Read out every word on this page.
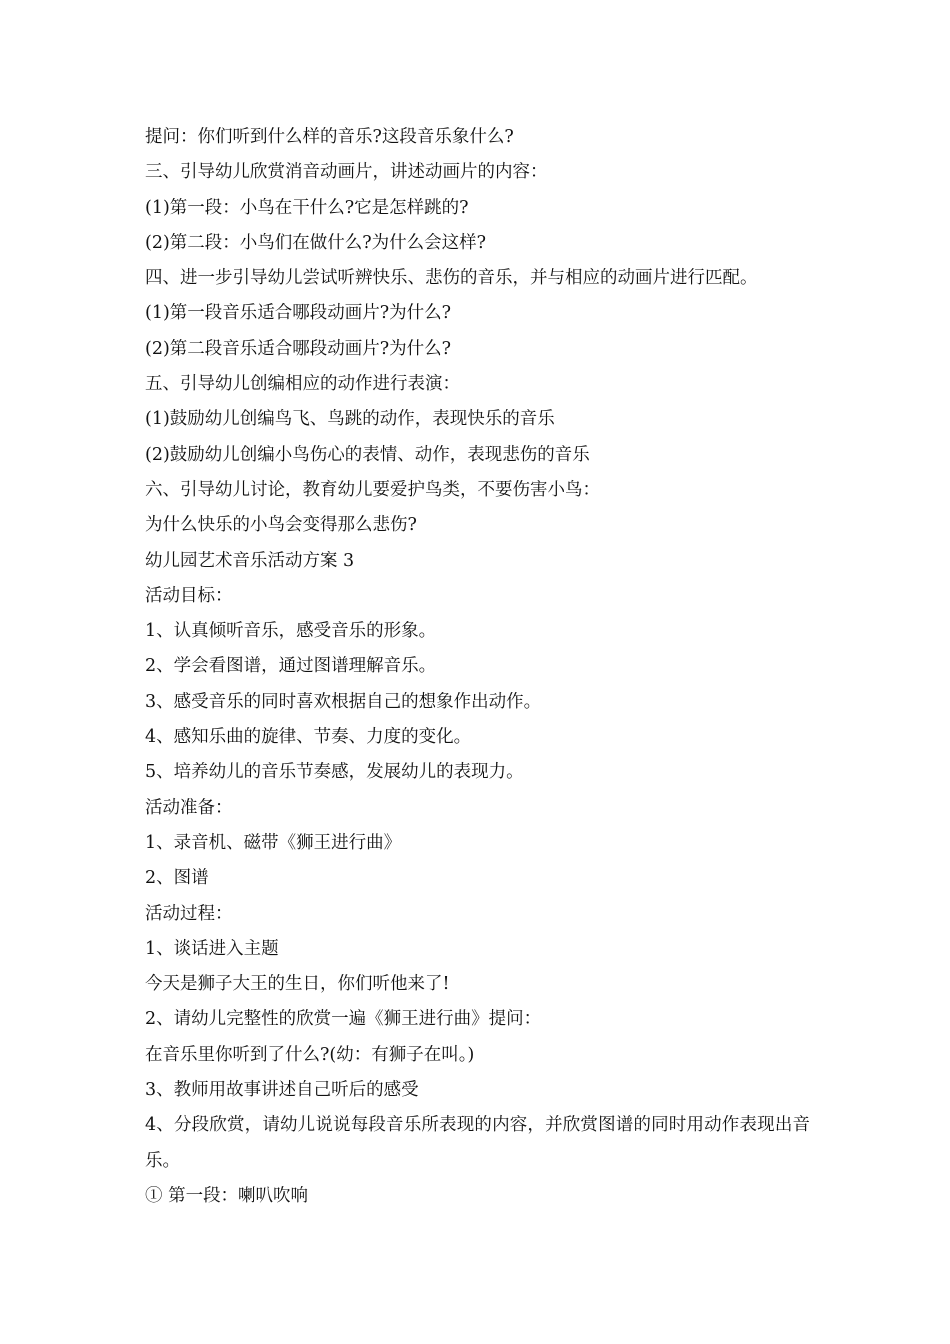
提问：你们听到什么样的音乐?这段音乐象什么?
三、引导幼儿欣赏消音动画片，讲述动画片的内容：
(1)第一段：小鸟在干什么?它是怎样跳的?
(2)第二段：小鸟们在做什么?为什么会这样?
四、进一步引导幼儿尝试听辨快乐、悲伤的音乐，并与相应的动画片进行匹配。
(1)第一段音乐适合哪段动画片?为什么?
(2)第二段音乐适合哪段动画片?为什么?
五、引导幼儿创编相应的动作进行表演：
(1)鼓励幼儿创编鸟飞、鸟跳的动作，表现快乐的音乐
(2)鼓励幼儿创编小鸟伤心的表情、动作，表现悲伤的音乐
六、引导幼儿讨论，教育幼儿要爱护鸟类，不要伤害小鸟：
为什么快乐的小鸟会变得那么悲伤?
幼儿园艺术音乐活动方案 3
活动目标：
1、认真倾听音乐，感受音乐的形象。
2、学会看图谱，通过图谱理解音乐。
3、感受音乐的同时喜欢根据自己的想象作出动作。
4、感知乐曲的旋律、节奏、力度的变化。
5、培养幼儿的音乐节奏感，发展幼儿的表现力。
活动准备：
1、录音机、磁带《狮王进行曲》
2、图谱
活动过程：
1、谈话进入主题
今天是狮子大王的生日，你们听他来了!
2、请幼儿完整性的欣赏一遍《狮王进行曲》提问：
在音乐里你听到了什么?(幼：有狮子在叫。)
3、教师用故事讲述自己听后的感受
4、分段欣赏，请幼儿说说每段音乐所表现的内容，并欣赏图谱的同时用动作表现出音乐。
① 第一段：喇叭吹响
